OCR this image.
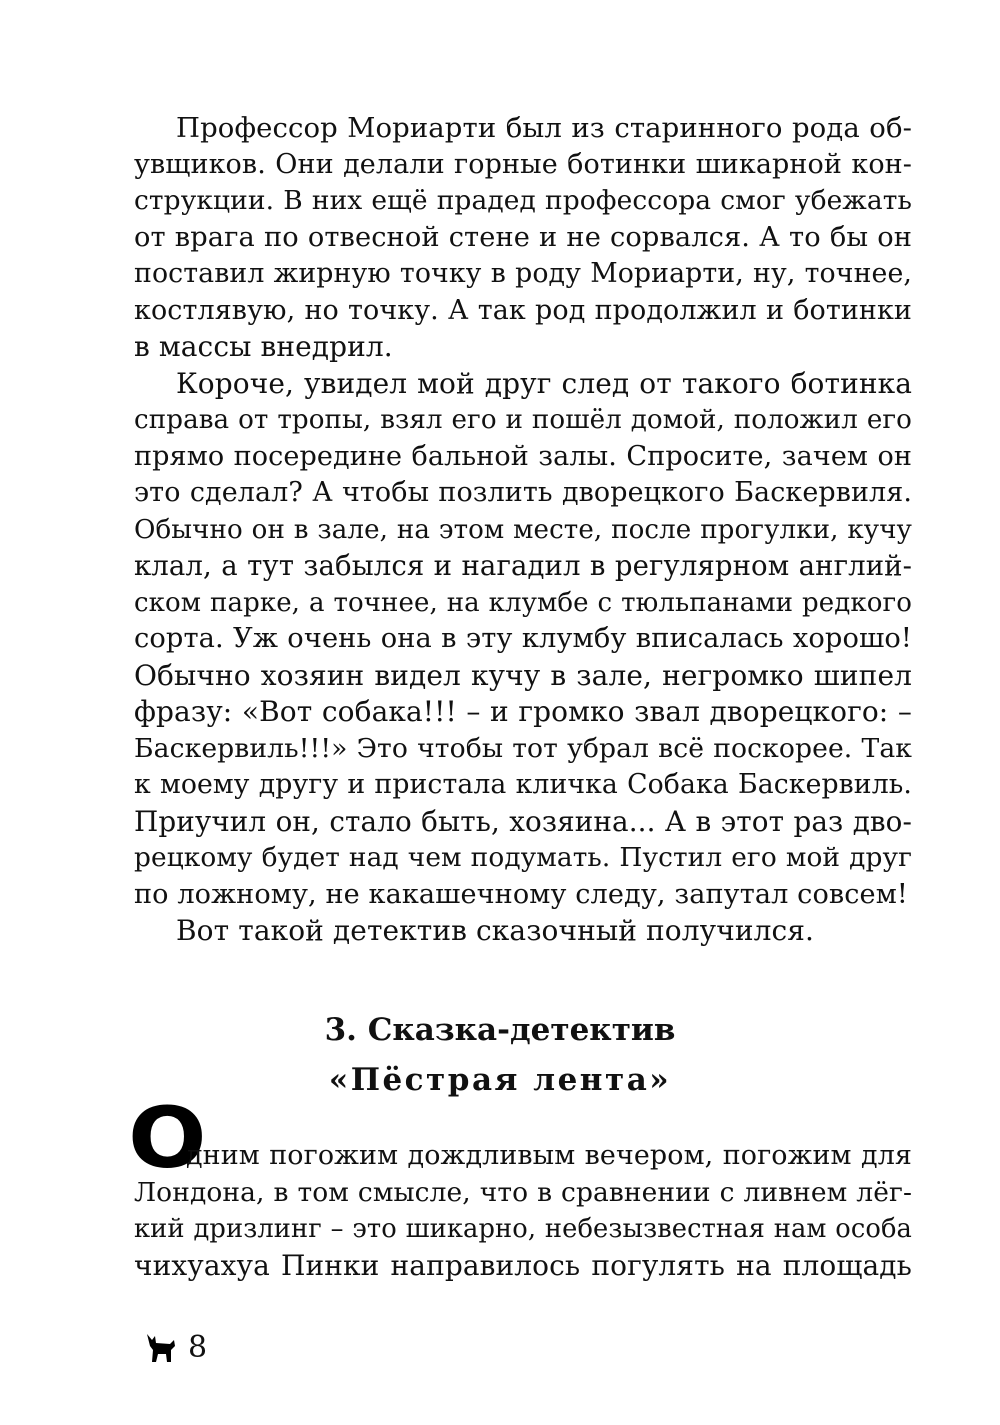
Профессор Мориарти был из старинного рода об-
увщиков. Они делали горные ботинки шикарной кон-
струкции. В них ещё прадед профессора смог убежать
от врага по отвесной стене и не сорвался. А то бы он
поставил жирную точку в роду Мориарти, ну, точнее,
костлявую, но точку. А так род продолжил и ботинки
в массы внедрил.
Короче, увидел мой друг след от такого ботинка
справа от тропы, взял его и пошёл домой, положил его
прямо посередине бальной залы. Спросите, зачем он
это сделал? А чтобы позлить дворецкого Баскервиля.
Обычно он в зале, на этом месте, после прогулки, кучу
клал, а тут забылся и нагадил в регулярном англий-
ском парке, а точнее, на клумбе с тюльпанами редкого
сорта. Уж очень она в эту клумбу вписалась хорошо!
Обычно хозяин видел кучу в зале, негромко шипел
фразу: «Вот собака!!! – и громко звал дворецкого: –
Баскервиль!!!» Это чтобы тот убрал всё поскорее. Так
к моему другу и пристала кличка Собака Баскервиль.
Приучил он, стало быть, хозяина... А в этот раз дво-
рецкому будет над чем подумать. Пустил его мой друг
по ложному, не какашечному следу, запутал совсем!
Вот такой детектив сказочный получился.
3. Сказка-детектив
«Пёстрая лента»
О
дним погожим дождливым вечером, погожим для
Лондона, в том смысле, что в сравнении с ливнем лёг-
кий дризлинг – это шикарно, небезызвестная нам особа
чихуахуа Пинки направилось погулять на площадь
8
